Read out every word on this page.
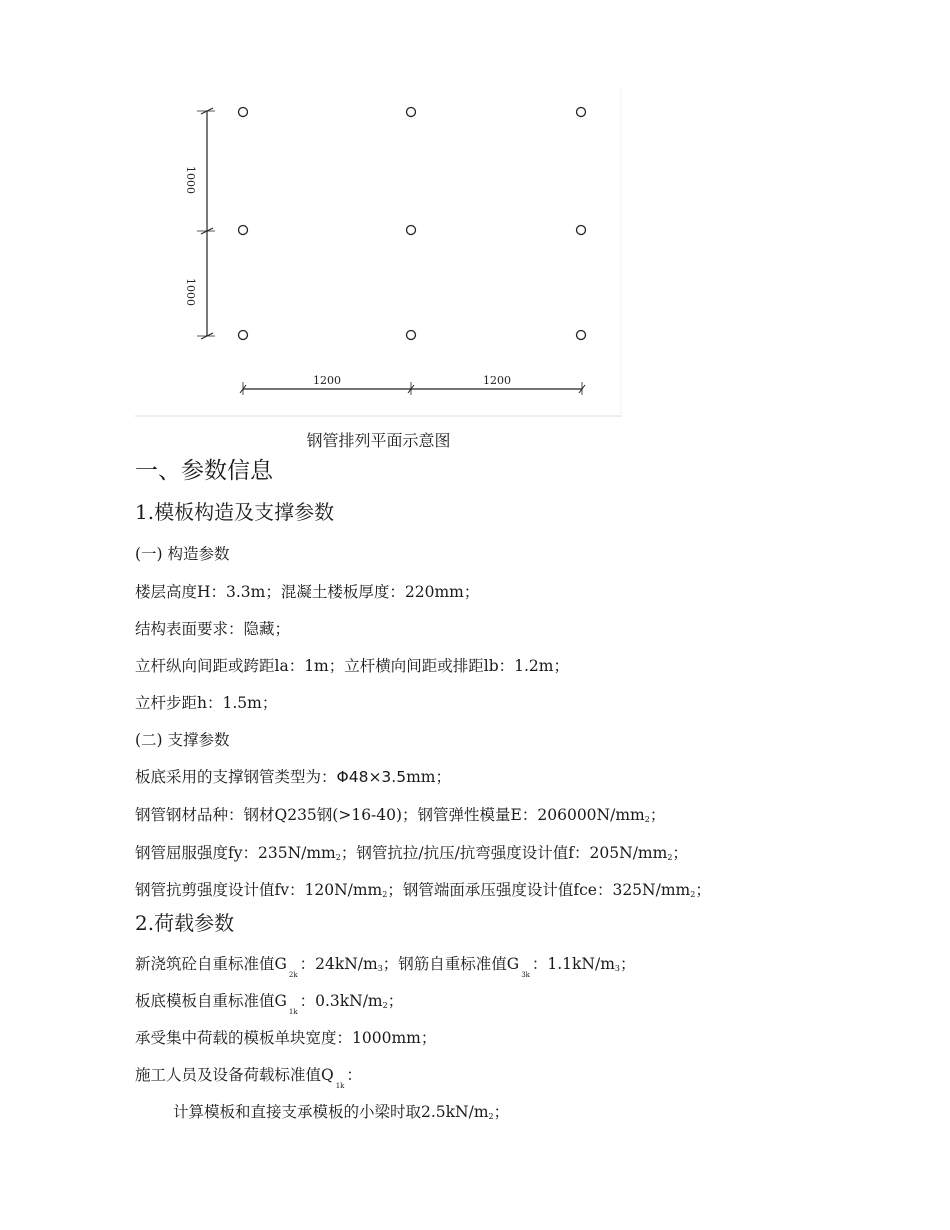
1000
1000
1200	1200
钢管排列平面示意图
一、参数信息
1.模板构造及支撑参数
(一) 构造参数
楼层高度H：3.3m；混凝土楼板厚度：220mm；
结构表面要求：隐藏；
立杆纵向间距或跨距la：1m；立杆横向间距或排距lb：1.2m；
立杆步距h：1.5m；
(二) 支撑参数
板底采用的支撑钢管类型为：Φ48×3.5mm；
钢管钢材品种：钢材Q235钢(>16-40)；钢管弹性模量E：206000N/mm2；
钢管屈服强度fy：235N/mm2；钢管抗拉/抗压/抗弯强度设计值f：205N/mm2；
钢管抗剪强度设计值fv：120N/mm2；钢管端面承压强度设计值fce：325N/mm2；
2.荷载参数
新浇筑砼自重标准值$G_{2k}$：24kN/m3；钢筋自重标准值$G_{3k}$：1.1kN/m3；
板底模板自重标准值$G_{1k}$：0.3kN/m2；
承受集中荷载的模板单块宽度：1000mm；
施工人员及设备荷载标准值$Q_{1k}$：
计算模板和直接支承模板的小梁时取2.5kN/m2；
